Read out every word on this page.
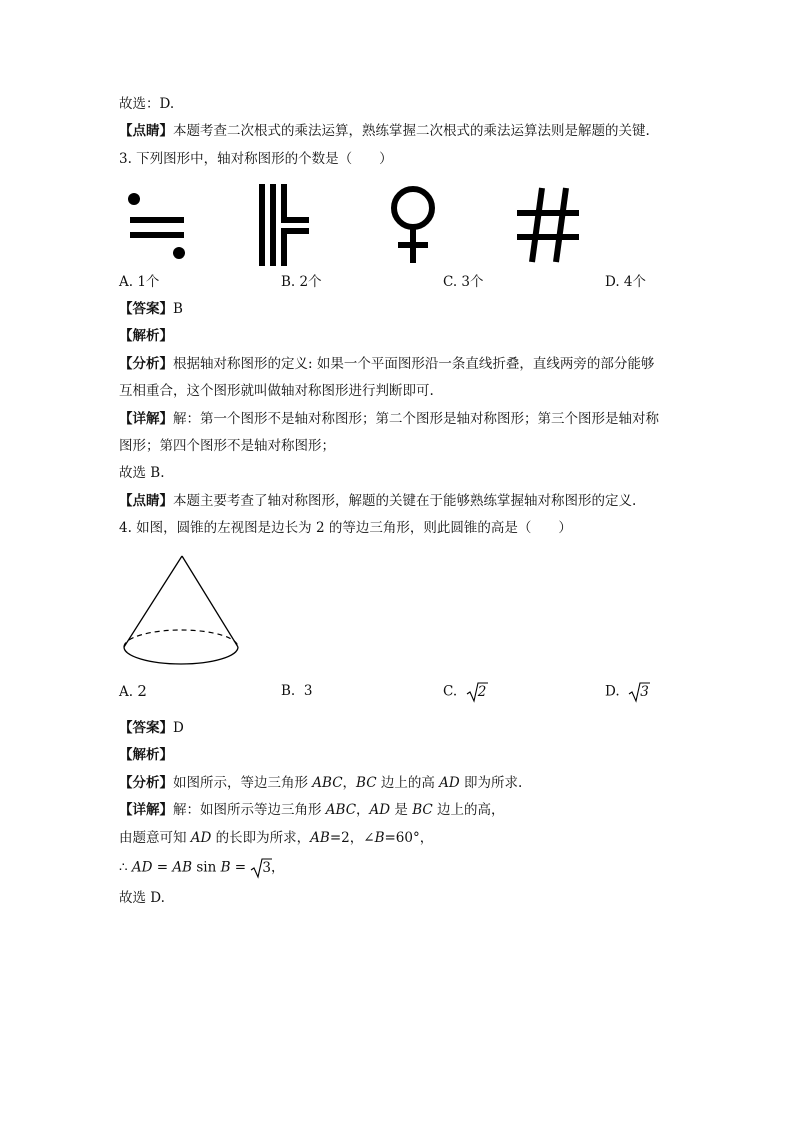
故选：D.
【点睛】本题考查二次根式的乘法运算，熟练掌握二次根式的乘法运算法则是解题的关键.
3. 下列图形中，轴对称图形的个数是（　　）
A. 1个	B. 2个	C. 3个	D. 4个
【答案】B
【解析】
【分析】根据轴对称图形的定义: 如果一个平面图形沿一条直线折叠，直线两旁的部分能够
互相重合，这个图形就叫做轴对称图形进行判断即可.
【详解】解：第一个图形不是轴对称图形；第二个图形是轴对称图形；第三个图形是轴对称
图形；第四个图形不是轴对称图形；
故选 B.
【点睛】本题主要考查了轴对称图形，解题的关键在于能够熟练掌握轴对称图形的定义.
4. 如图，圆锥的左视图是边长为 2 的等边三角形，则此圆锥的高是（　　）
A. 2	B. 3	C. 2	D. 3
【答案】D
【解析】
【分析】如图所示，等边三角形 ABC，BC 边上的高 AD 即为所求.
【详解】解：如图所示等边三角形 ABC，AD 是 BC 边上的高，
由题意可知 AD 的长即为所求，AB=2，∠B=60°，
∴ AD = AB sin B = 3，
故选 D.
